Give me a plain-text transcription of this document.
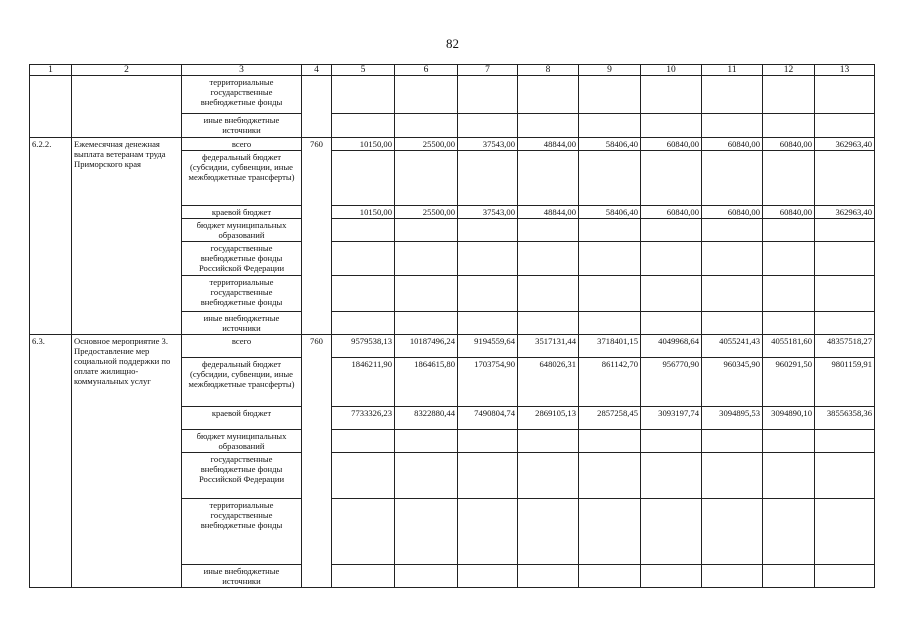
82
1	2	3	4	5	6	7	8	9	10	11	12	13
		территориальные государственные внебюджетные фонды										
		иные внебюджетные источники										
6.2.2.	Ежемесячная денежная выплата ветеранам труда Приморского края	всего	760	10150,00	25500,00	37543,00	48844,00	58406,40	60840,00	60840,00	60840,00	362963,40
		федеральный бюджет (субсидии, субвенции, иные межбюджетные трансферты)										
		краевой бюджет		10150,00	25500,00	37543,00	48844,00	58406,40	60840,00	60840,00	60840,00	362963,40
		бюджет муниципальных образований										
		государственные внебюджетные фонды Российской Федерации										
		территориальные государственные внебюджетные фонды										
		иные внебюджетные источники										
6.3.	Основное мероприятие 3. Предоставление мер социальной поддержки по оплате жилищно-коммунальных услуг	всего	760	9579538,13	10187496,24	9194559,64	3517131,44	3718401,15	4049968,64	4055241,43	4055181,60	48357518,27
		федеральный бюджет (субсидии, субвенции, иные межбюджетные трансферты)		1846211,90	1864615,80	1703754,90	648026,31	861142,70	956770,90	960345,90	960291,50	9801159,91
		краевой бюджет		7733326,23	8322880,44	7490804,74	2869105,13	2857258,45	3093197,74	3094895,53	3094890,10	38556358,36
		бюджет муниципальных образований										
		государственные внебюджетные фонды Российской Федерации										
		территориальные государственные внебюджетные фонды										
		иные внебюджетные источники										
